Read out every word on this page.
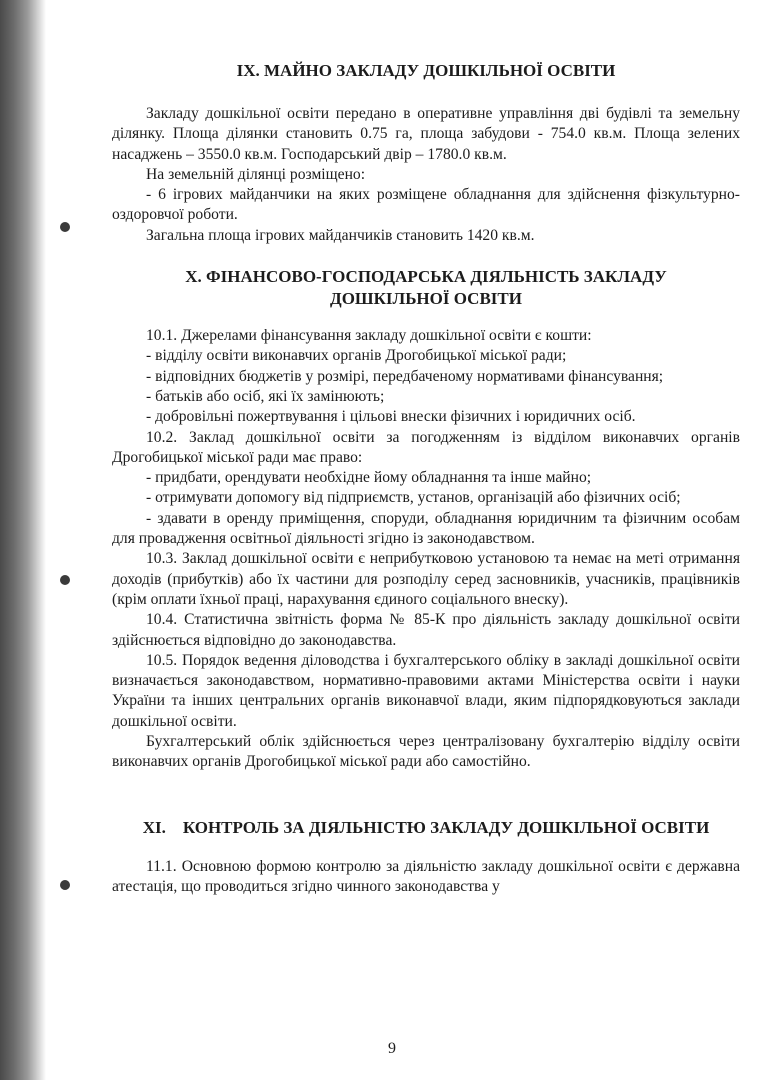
IX. МАЙНО ЗАКЛАДУ ДОШКІЛЬНОЇ ОСВІТИ

Закладу дошкільної освіти передано в оперативне управління дві будівлі та земельну ділянку. Площа ділянки становить 0.75 га, площа забудови - 754.0 кв.м. Площа зелених насаджень – 3550.0 кв.м. Господарський двір – 1780.0 кв.м.

На земельній ділянці розміщено:

- 6 ігрових майданчики на яких розміщене обладнання для здійснення фізкультурно-оздоровчої роботи.

Загальна площа ігрових майданчиків становить 1420 кв.м.

X. ФІНАНСОВО-ГОСПОДАРСЬКА ДІЯЛЬНІСТЬ ЗАКЛАДУ
ДОШКІЛЬНОЇ ОСВІТИ

10.1. Джерелами фінансування закладу дошкільної освіти є кошти:

- відділу освіти виконавчих органів Дрогобицької міської ради;

- відповідних бюджетів у розмірі, передбаченому нормативами фінансування;

- батьків або осіб, які їх замінюють;

- добровільні пожертвування і цільові внески фізичних і юридичних осіб.

10.2. Заклад дошкільної освіти за погодженням із відділом виконавчих органів Дрогобицької міської ради має право:

- придбати, орендувати необхідне йому обладнання та інше майно;

- отримувати допомогу від підприємств, установ, організацій або фізичних осіб;

- здавати в оренду приміщення, споруди, обладнання юридичним та фізичним особам для провадження освітньої діяльності згідно із законодавством.

10.3. Заклад дошкільної освіти є неприбутковою установою та немає на меті отримання доходів (прибутків) або їх частини для розподілу серед засновників, учасників, працівників (крім оплати їхньої праці, нарахування єдиного соціального внеску).

10.4. Статистична звітність форма № 85-К про діяльність закладу дошкільної освіти здійснюється відповідно до законодавства.

10.5. Порядок ведення діловодства і бухгалтерського обліку в закладі дошкільної освіти визначається законодавством, нормативно-правовими актами Міністерства освіти і науки України та інших центральних органів виконавчої влади, яким підпорядковуються заклади дошкільної освіти.

Бухгалтерський облік здійснюється через централізовану бухгалтерію відділу освіти виконавчих органів Дрогобицької міської ради або самостійно.

XI.    КОНТРОЛЬ ЗА ДІЯЛЬНІСТЮ ЗАКЛАДУ ДОШКІЛЬНОЇ ОСВІТИ

11.1. Основною формою контролю за діяльністю закладу дошкільної освіти є державна атестація, що проводиться згідно чинного законодавства у

9
